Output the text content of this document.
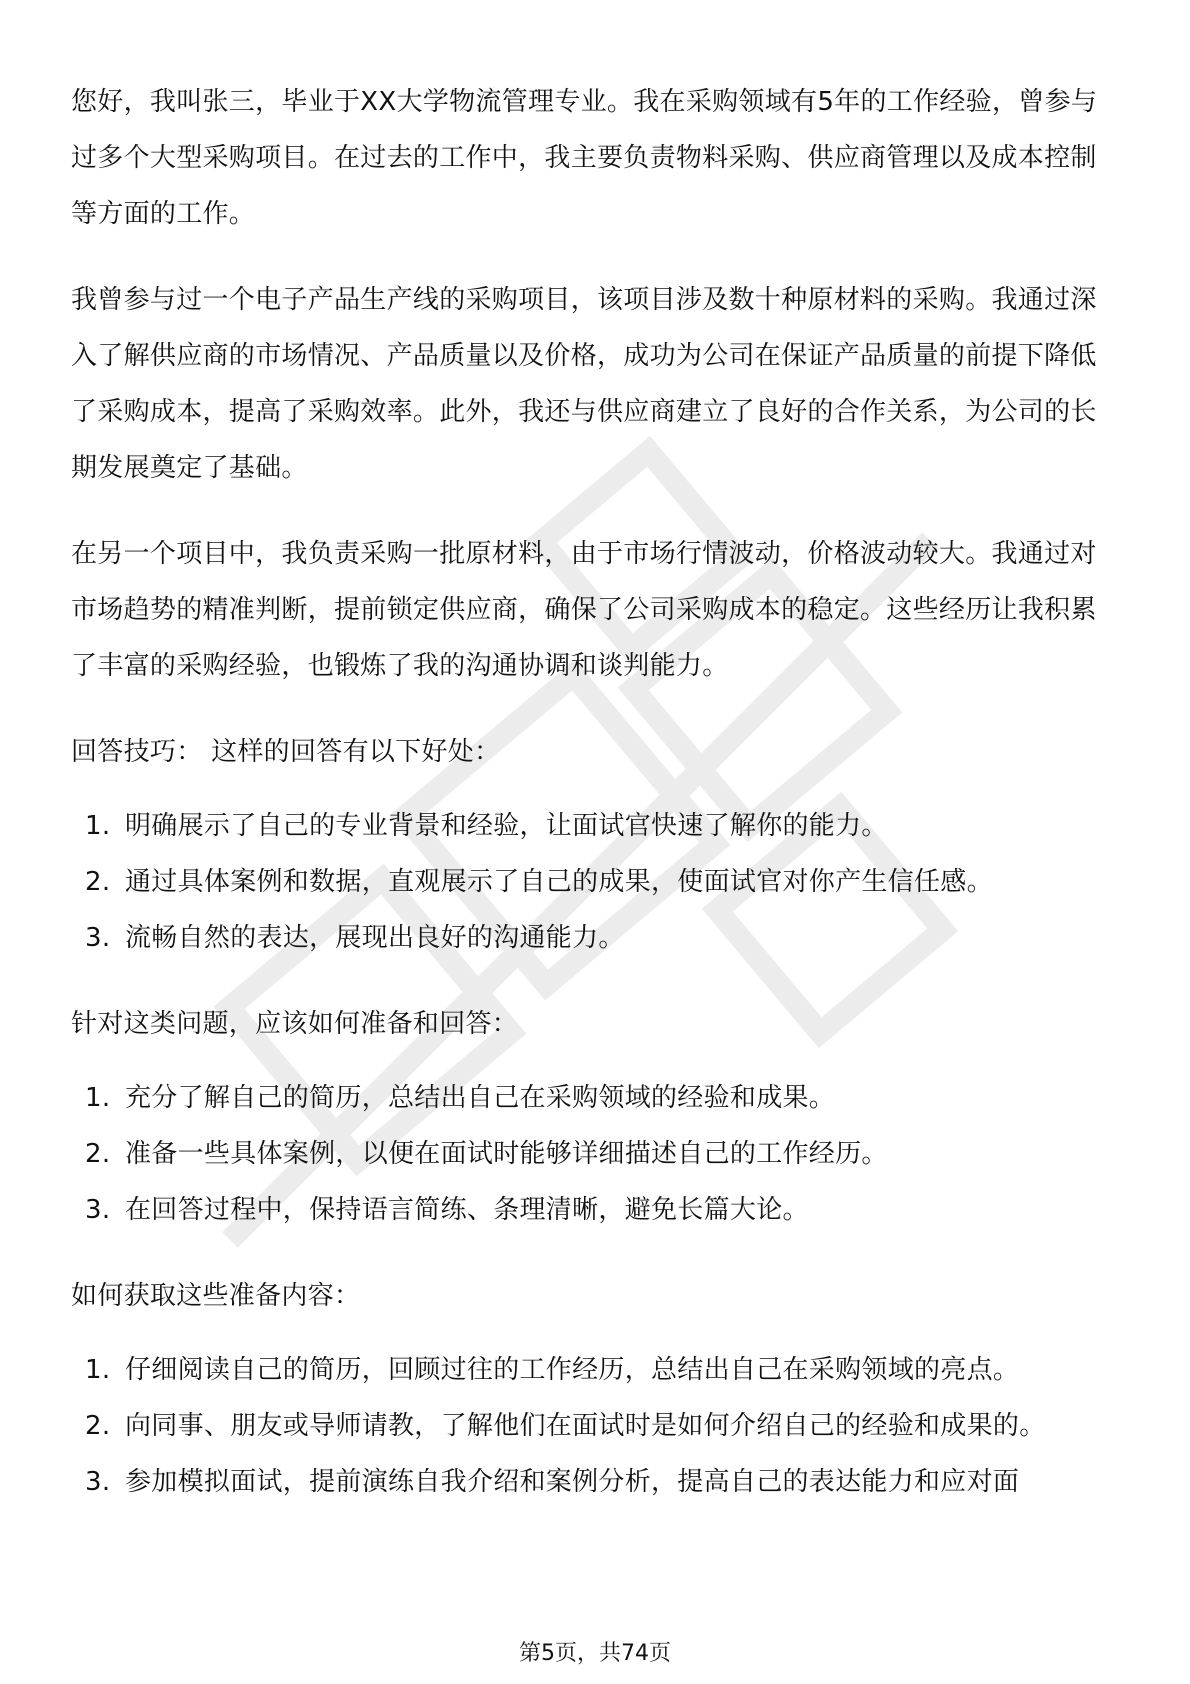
您好，我叫张三，毕业于XX大学物流管理专业。我在采购领域有5年的工作经验，曾参与过多个大型采购项目。在过去的工作中，我主要负责物料采购、供应商管理以及成本控制等方面的工作。

我曾参与过一个电子产品生产线的采购项目，该项目涉及数十种原材料的采购。我通过深入了解供应商的市场情况、产品质量以及价格，成功为公司在保证产品质量的前提下降低了采购成本，提高了采购效率。此外，我还与供应商建立了良好的合作关系，为公司的长期发展奠定了基础。

在另一个项目中，我负责采购一批原材料，由于市场行情波动，价格波动较大。我通过对市场趋势的精准判断，提前锁定供应商，确保了公司采购成本的稳定。这些经历让我积累了丰富的采购经验，也锻炼了我的沟通协调和谈判能力。

回答技巧： 这样的回答有以下好处：

1. 明确展示了自己的专业背景和经验，让面试官快速了解你的能力。
2. 通过具体案例和数据，直观展示了自己的成果，使面试官对你产生信任感。
3. 流畅自然的表达，展现出良好的沟通能力。

针对这类问题，应该如何准备和回答：

1. 充分了解自己的简历，总结出自己在采购领域的经验和成果。
2. 准备一些具体案例，以便在面试时能够详细描述自己的工作经历。
3. 在回答过程中，保持语言简练、条理清晰，避免长篇大论。

如何获取这些准备内容：

1. 仔细阅读自己的简历，回顾过往的工作经历，总结出自己在采购领域的亮点。
2. 向同事、朋友或导师请教，了解他们在面试时是如何介绍自己的经验和成果的。
3. 参加模拟面试，提前演练自我介绍和案例分析，提高自己的表达能力和应对面
第5页，共74页
